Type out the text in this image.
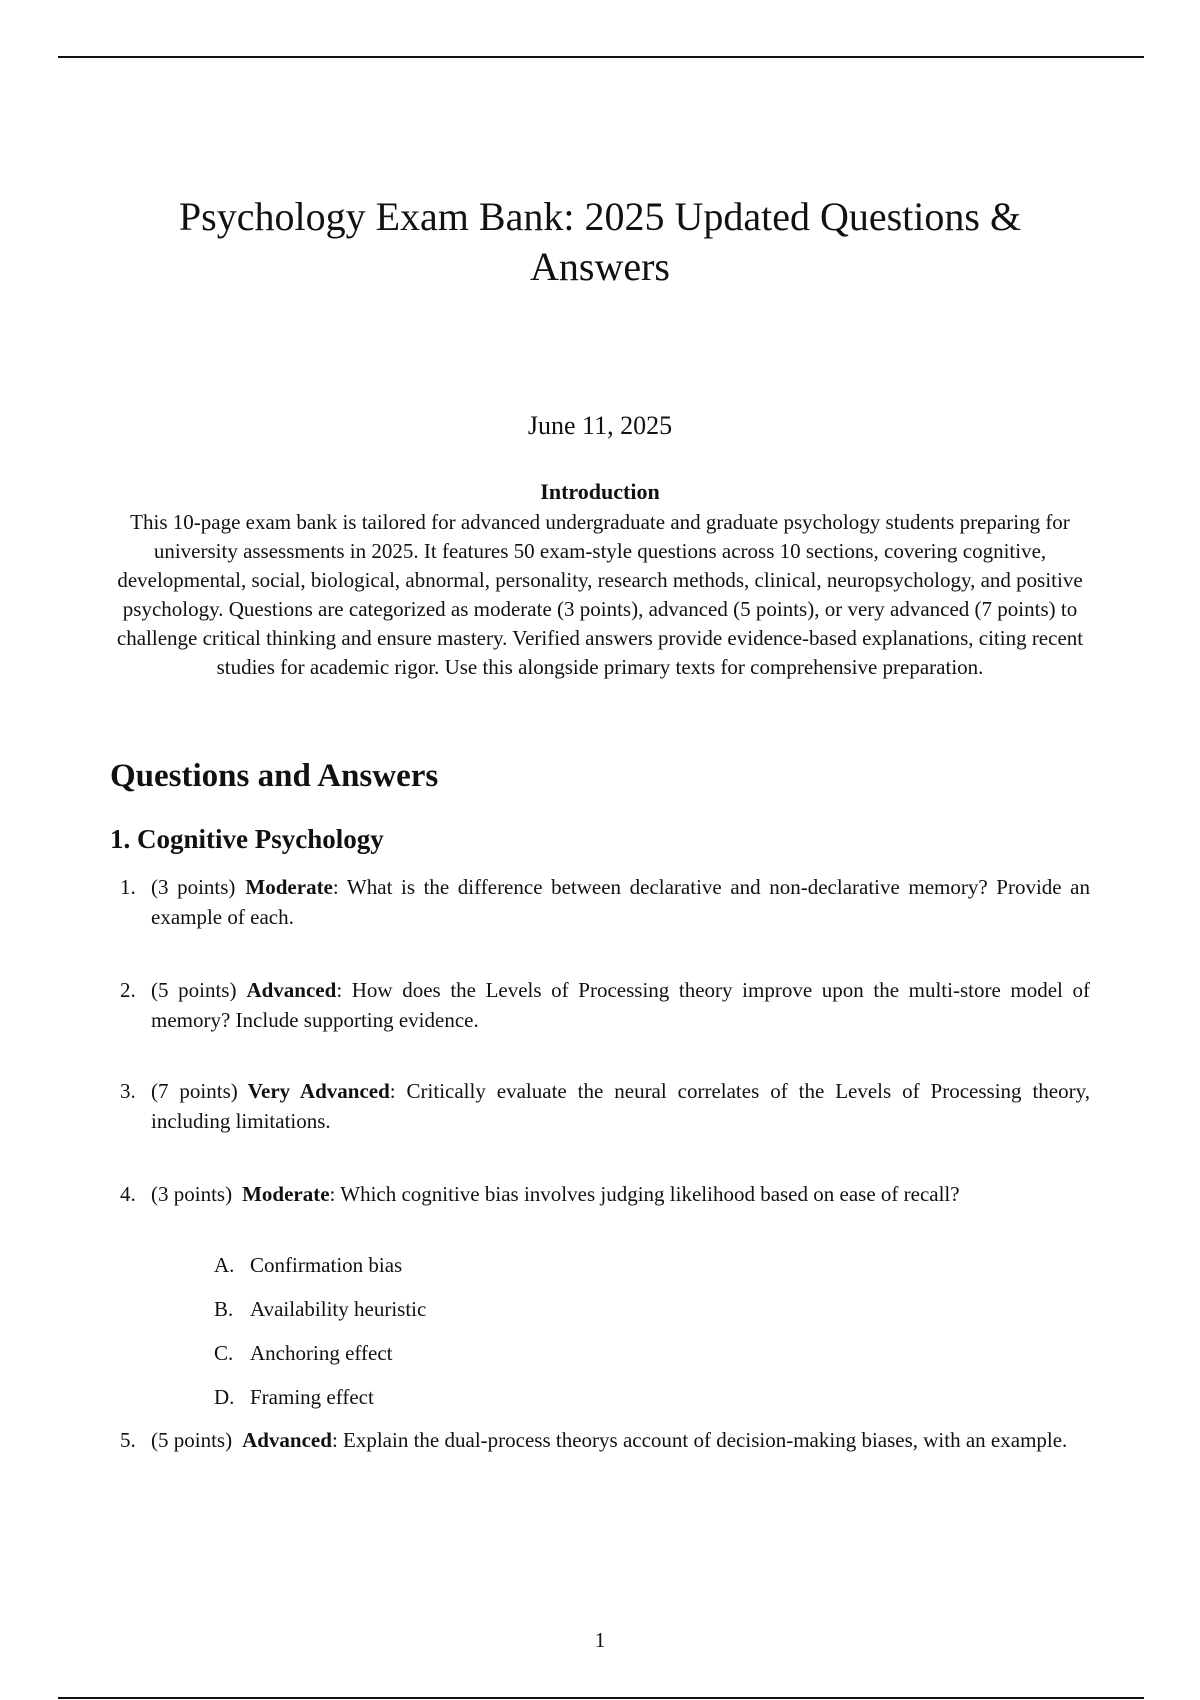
Psychology Exam Bank: 2025 Updated Questions & Answers
June 11, 2025
Introduction

This 10-page exam bank is tailored for advanced undergraduate and graduate psychology students preparing for university assessments in 2025. It features 50 exam-style questions across 10 sections, covering cognitive, developmental, social, biological, abnormal, personality, research methods, clinical, neuropsychology, and positive psychology. Questions are categorized as moderate (3 points), advanced (5 points), or very advanced (7 points) to challenge critical thinking and ensure mastery. Verified answers provide evidence-based explanations, citing recent studies for academic rigor. Use this alongside primary texts for comprehensive preparation.

Questions and Answers
1. Cognitive Psychology
1. (3 points) Moderate: What is the difference between declarative and non-declarative memory? Provide an example of each.
2. (5 points) Advanced: How does the Levels of Processing theory improve upon the multi-store model of memory? Include supporting evidence.
3. (7 points) Very Advanced: Critically evaluate the neural correlates of the Levels of Processing theory, including limitations.
4. (3 points) Moderate: Which cognitive bias involves judging likelihood based on ease of recall?
A. Confirmation bias
B. Availability heuristic
C. Anchoring effect
D. Framing effect
5. (5 points) Advanced: Explain the dual-process theorys account of decision-making biases, with an example.
1
